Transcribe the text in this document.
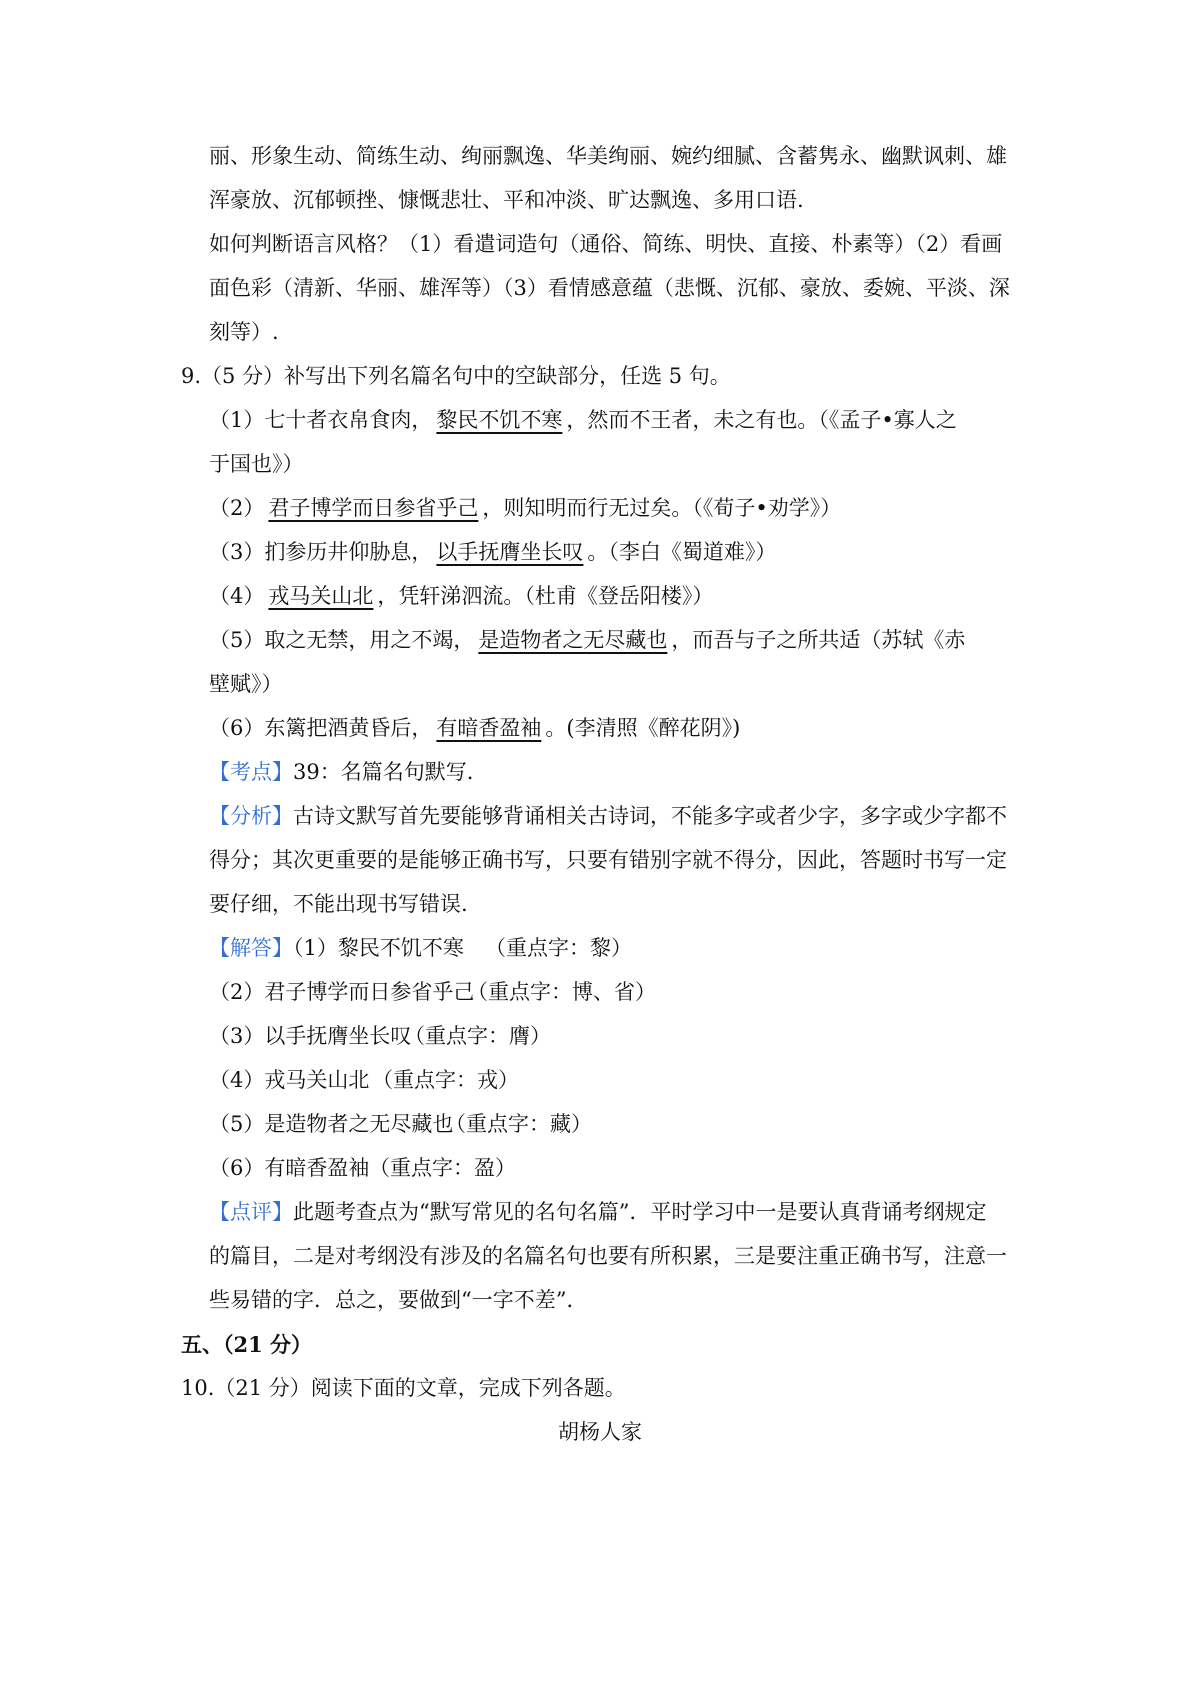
丽、形象生动、简练生动、绚丽飘逸、华美绚丽、婉约细腻、含蓄隽永、幽默讽刺、雄
浑豪放、沉郁顿挫、慷慨悲壮、平和冲淡、旷达飘逸、多用口语.
如何判断语言风格？（1）看遣词造句（通俗、简练、明快、直接、朴素等）（2）看画
面色彩（清新、华丽、雄浑等）（3）看情感意蕴（悲慨、沉郁、豪放、委婉、平淡、深
刻等）.
9.（5 分）补写出下列名篇名句中的空缺部分，任选 5 句。
（1）七十者衣帛食肉， 黎民不饥不寒 ，然而不王者，未之有也。（《孟子•寡人之
于国也》）
（2） 君子博学而日参省乎己 ，则知明而行无过矣。（《荀子•劝学》）
（3）扪参历井仰胁息， 以手抚膺坐长叹 。（李白《蜀道难》）
（4） 戎马关山北 ，凭轩涕泗流。（杜甫《登岳阳楼》）
（5）取之无禁，用之不竭， 是造物者之无尽藏也 ，而吾与子之所共适（苏轼《赤
壁赋》）
（6）东篱把酒黄昏后， 有暗香盈袖 。(李清照《醉花阴》)
【考点】39：名篇名句默写.
【分析】古诗文默写首先要能够背诵相关古诗词，不能多字或者少字，多字或少字都不
得分；其次更重要的是能够正确书写，只要有错别字就不得分，因此，答题时书写一定
要仔细，不能出现书写错误.
【解答】（1）黎民不饥不寒 （重点字：黎）
（2）君子博学而日参省乎己
（重点字：博、省）
（3）以手抚膺坐长叹
（重点字：膺）
（4）戎马关山北 （重点字：戎）
（5）是造物者之无尽藏也
（重点字：藏）
（6）有暗香盈袖 （重点字：盈）
【点评】此题考查点为“默写常见的名句名篇”．平时学习中一是要认真背诵考纲规定
的篇目，二是对考纲没有涉及的名篇名句也要有所积累，三是要注重正确书写，注意一
些易错的字．总之，要做到“一字不差”．
五、（21 分）
10.（21 分）阅读下面的文章，完成下列各题。
胡杨人家
